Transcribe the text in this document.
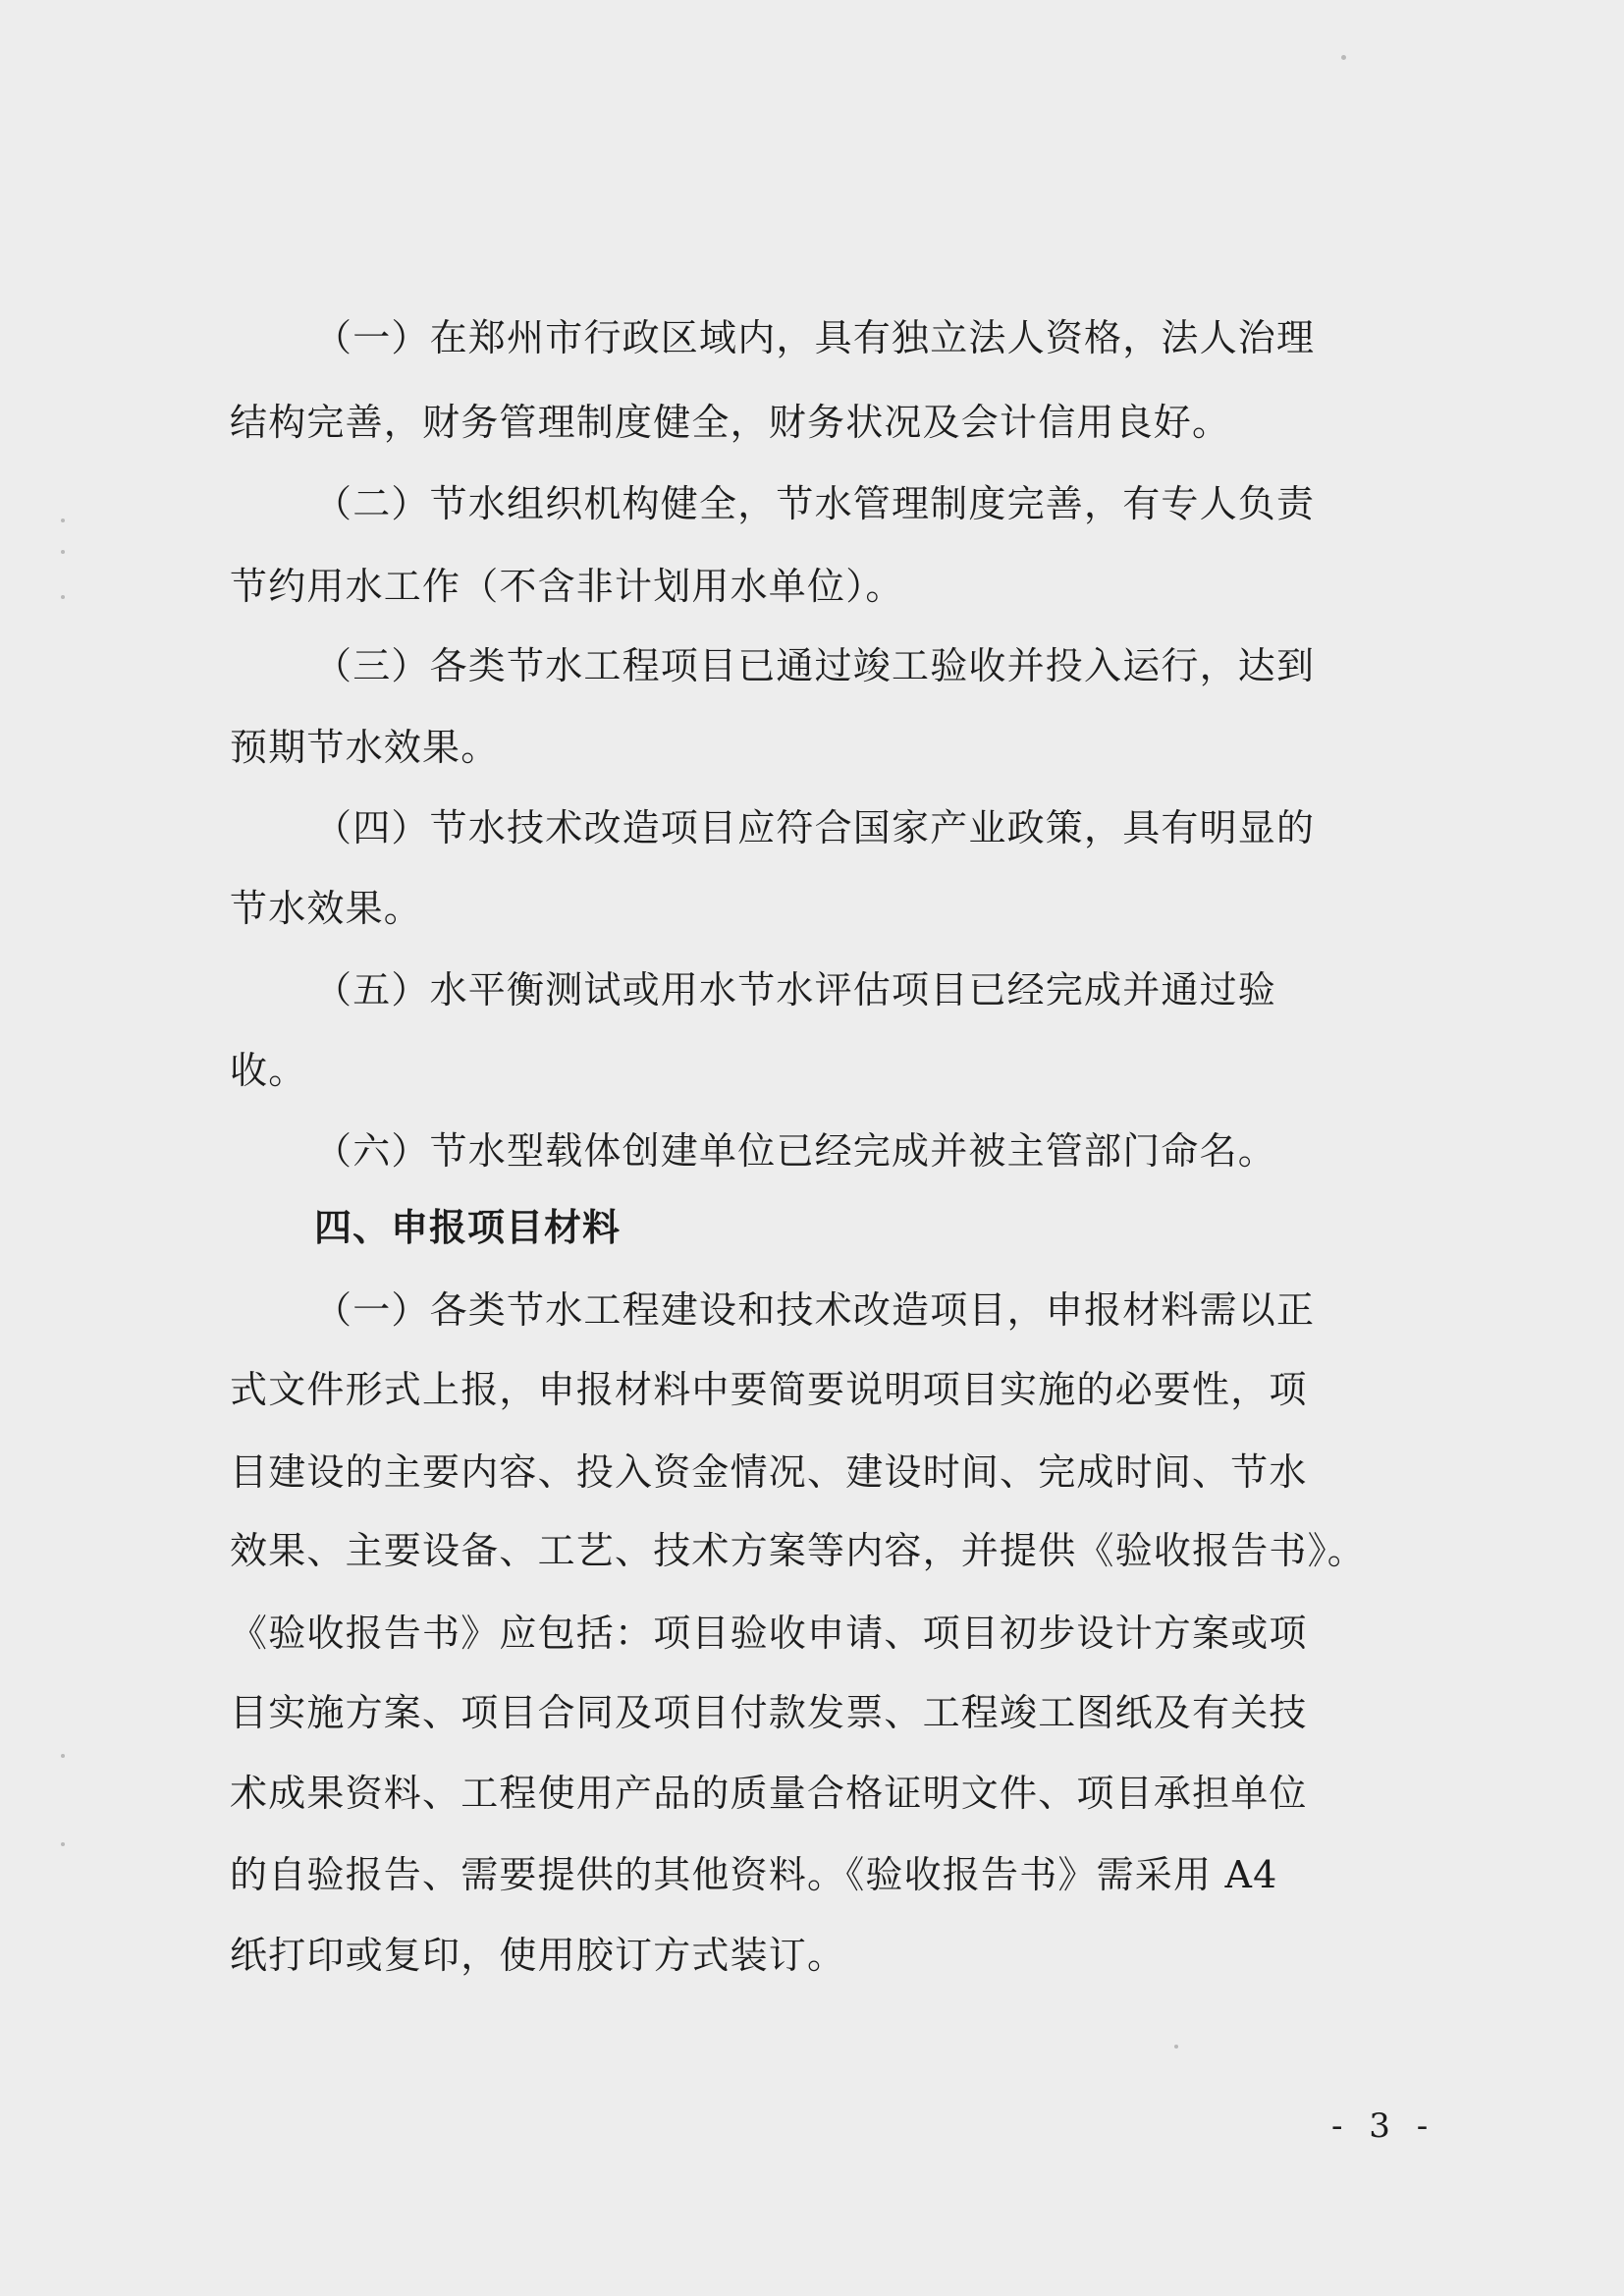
（一）在郑州市行政区域内，具有独立法人资格，法人治理
结构完善，财务管理制度健全，财务状况及会计信用良好。
（二）节水组织机构健全，节水管理制度完善，有专人负责
节约用水工作（不含非计划用水单位）。
（三）各类节水工程项目已通过竣工验收并投入运行，达到
预期节水效果。
（四）节水技术改造项目应符合国家产业政策，具有明显的
节水效果。
（五）水平衡测试或用水节水评估项目已经完成并通过验
收。
（六）节水型载体创建单位已经完成并被主管部门命名。
四、申报项目材料
（一）各类节水工程建设和技术改造项目，申报材料需以正
式文件形式上报，申报材料中要简要说明项目实施的必要性，项
目建设的主要内容、投入资金情况、建设时间、完成时间、节水
效果、主要设备、工艺、技术方案等内容，并提供《验收报告书》。
《验收报告书》应包括：项目验收申请、项目初步设计方案或项
目实施方案、项目合同及项目付款发票、工程竣工图纸及有关技
术成果资料、工程使用产品的质量合格证明文件、项目承担单位
的自验报告、需要提供的其他资料。《验收报告书》需采用 A4
纸打印或复印，使用胶订方式装订。
- 3 -
